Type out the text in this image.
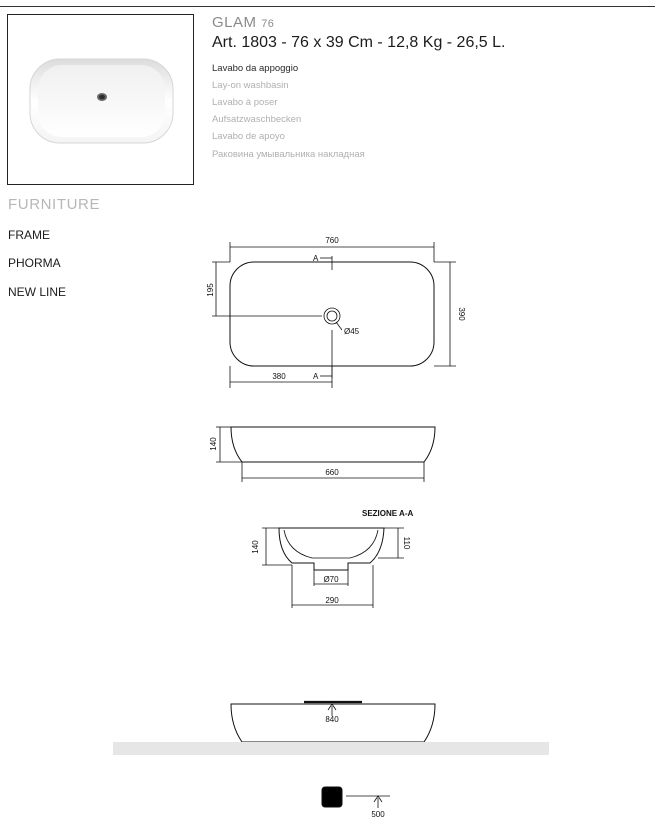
GLAM 76
Art. 1803 - 76 x 39 Cm - 12,8 Kg - 26,5 L.
Lavabo da appoggio
Lay-on washbasin
Lavabo à poser
Aufsatzwaschbecken
Lavabo de apoyo
Раковина умывальника накладная
FURNITURE
FRAME
PHORMA
NEW LINE
760
390
195
380
Ø45
A
A
140
660
SEZIONE A-A
140	110
Ø70
290
840
500
